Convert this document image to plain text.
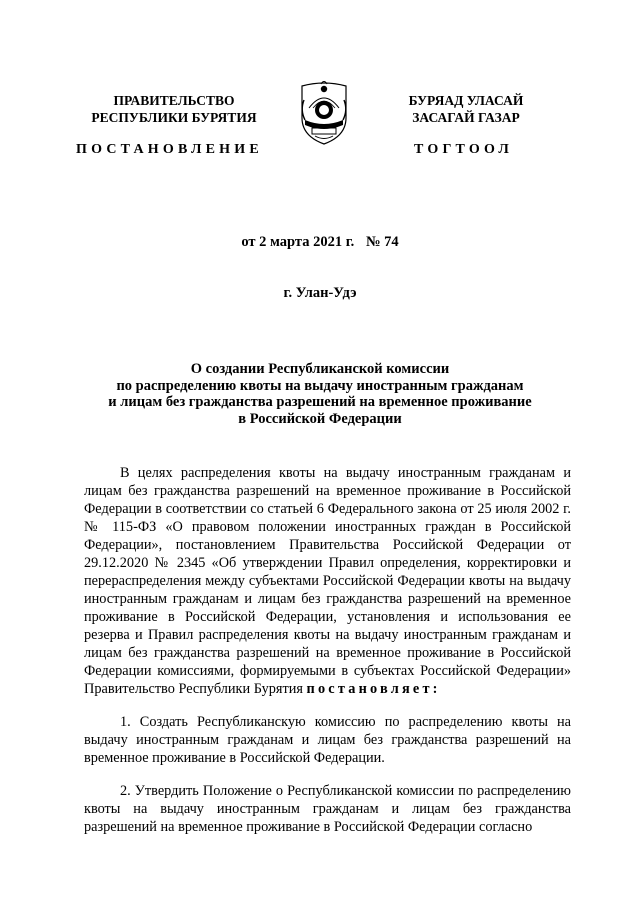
ПРАВИТЕЛЬСТВО
РЕСПУБЛИКИ БУРЯТИЯ
БУРЯАД УЛАСАЙ
ЗАСАГАЙ ГАЗАР
ПОСТАНОВЛЕНИЕ	ТОГТООЛ
от 2 марта 2021 г. № 74
г. Улан-Удэ
О создании Республиканской комиссии
по распределению квоты на выдачу иностранным гражданам
и лицам без гражданства разрешений на временное проживание
в Российской Федерации

В целях распределения квоты на выдачу иностранным гражданам и лицам без гражданства разрешений на временное проживание в Российской Федерации в соответствии со статьей 6 Федерального закона от 25 июля 2002 г. № 115-ФЗ «О правовом положении иностранных граждан в Российской Федерации», постановлением Правительства Российской Федерации от 29.12.2020 № 2345 «Об утверждении Правил определения, корректировки и перераспределения между субъектами Российской Федерации квоты на выдачу иностранным гражданам и лицам без гражданства разрешений на временное проживание в Российской Федерации, установления и использования ее резерва и Правил распределения квоты на выдачу иностранным гражданам и лицам без гражданства разрешений на временное проживание в Российской Федерации комиссиями, формируемыми в субъектах Российской Федерации» Правительство Республики Бурятия постановляет:

1. Создать Республиканскую комиссию по распределению квоты на выдачу иностранным гражданам и лицам без гражданства разрешений на временное проживание в Российской Федерации.

2. Утвердить Положение о Республиканской комиссии по распределению квоты на выдачу иностранным гражданам и лицам без гражданства разрешений на временное проживание в Российской Федерации согласно
